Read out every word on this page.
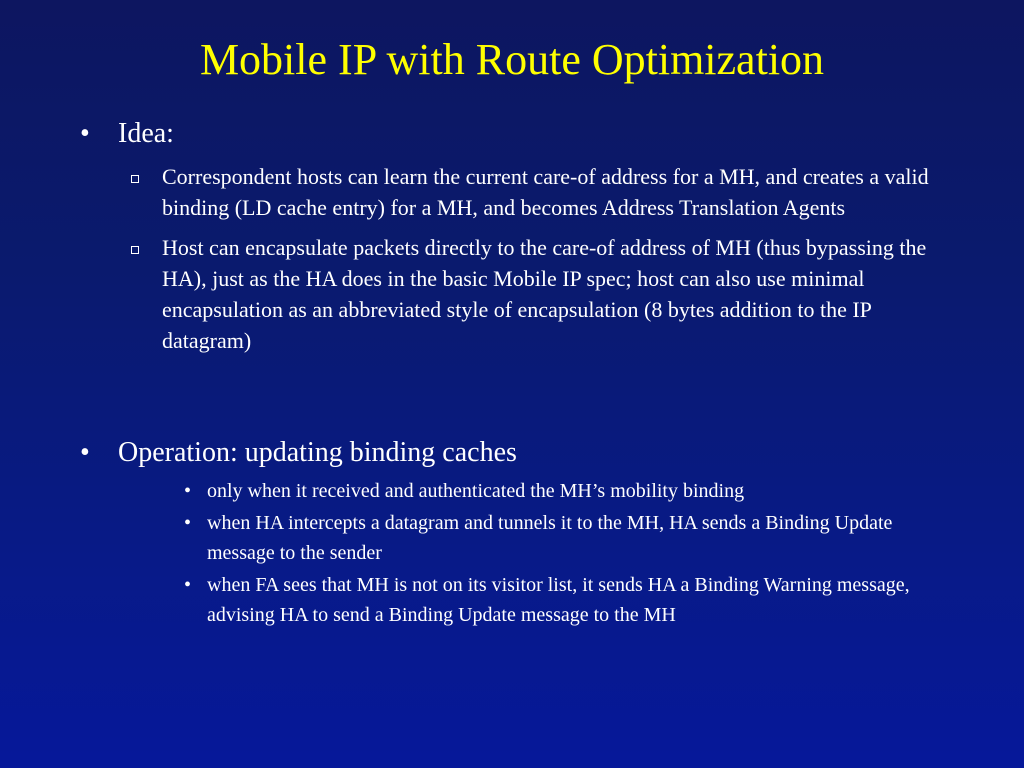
Mobile IP with Route Optimization
•	Idea:
Correspondent hosts can learn the current care-of address for a MH, and creates a valid binding (LD cache entry) for a MH, and becomes Address Translation Agents
Host can encapsulate packets directly to the care-of address of MH (thus bypassing the HA), just as the HA does in the basic Mobile IP spec; host can also use minimal encapsulation as an abbreviated style of encapsulation (8 bytes addition to the IP datagram)
•	Operation: updating binding caches
• only when it received and authenticated the MH’s mobility binding
• when HA intercepts a datagram and tunnels it to the MH, HA sends a Binding Update message to the sender
• when FA sees that MH is not on its visitor list, it sends HA a Binding Warning message, advising HA to send a Binding Update message to the MH
